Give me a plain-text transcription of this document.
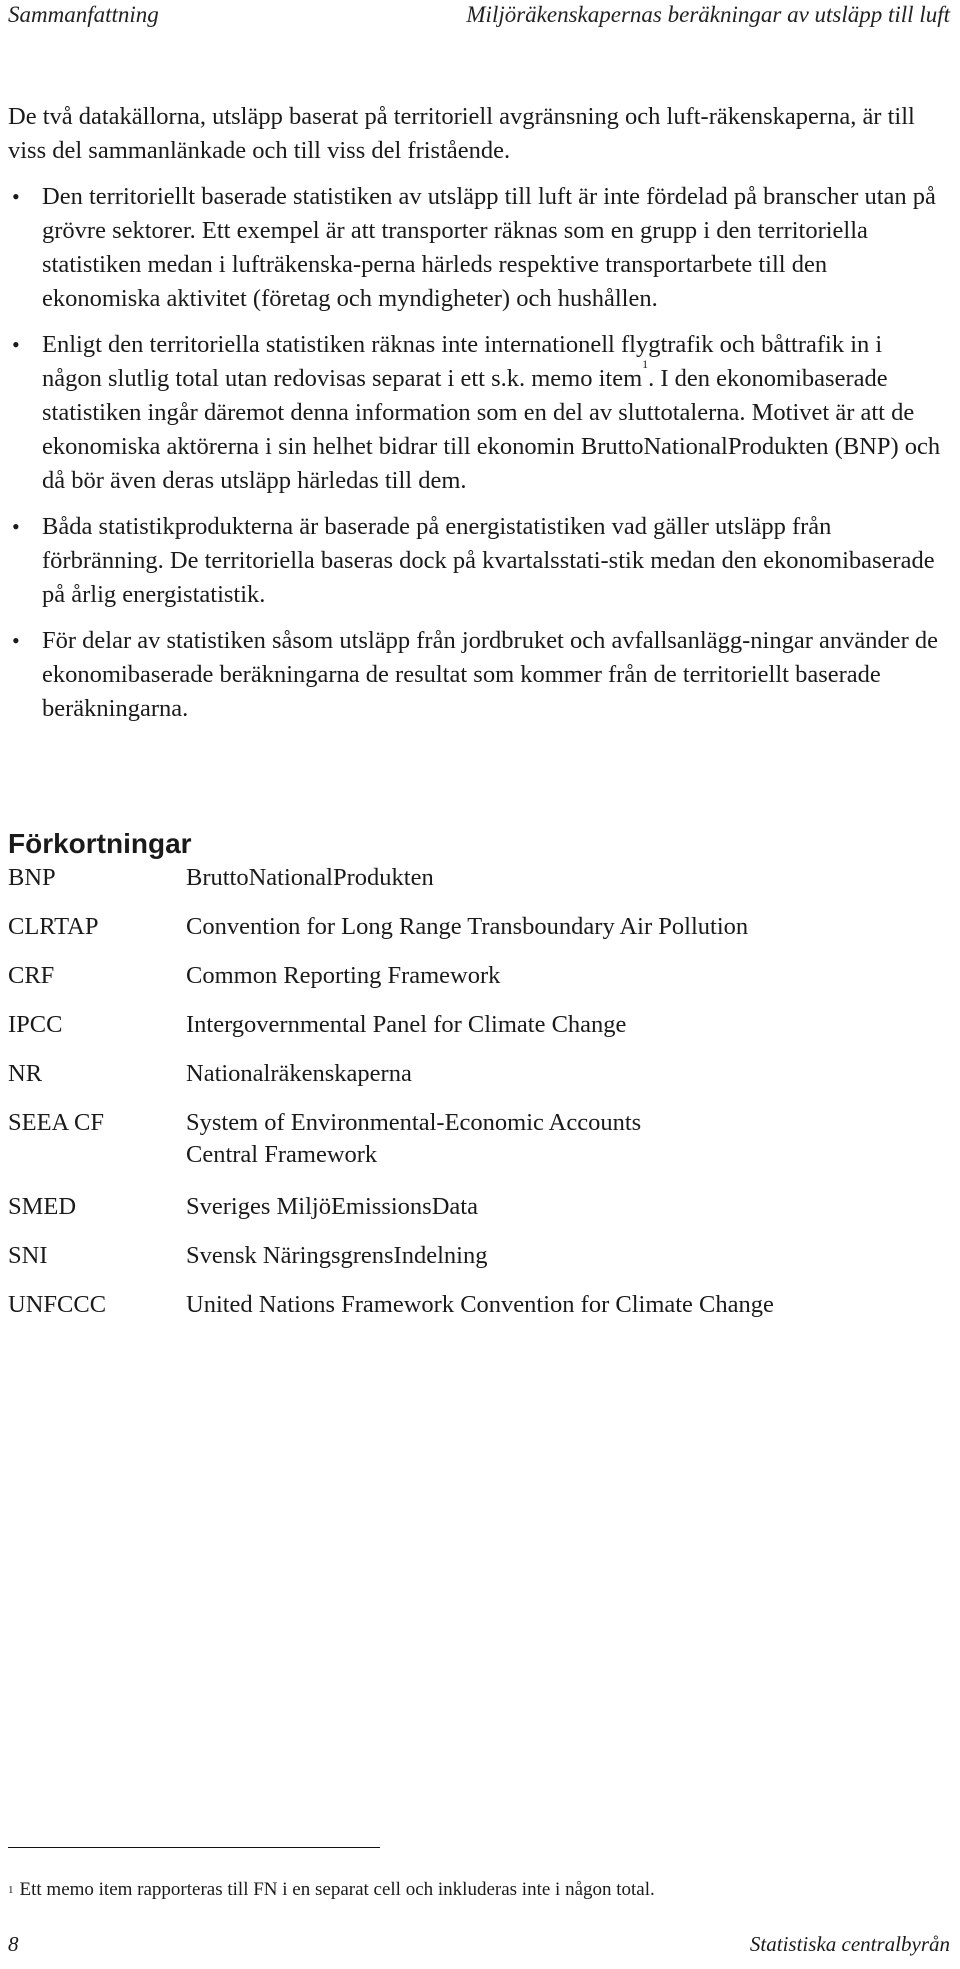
Sammanfattning	Miljöräkenskapernas beräkningar av utsläpp till luft

De två datakällorna, utsläpp baserat på territoriell avgränsning och luft-räkenskaperna, är till viss del sammanlänkade och till viss del fristående.

• Den territoriellt baserade statistiken av utsläpp till luft är inte fördelad på branscher utan på grövre sektorer. Ett exempel är att transporter räknas som en grupp i den territoriella statistiken medan i lufträkenska-perna härleds respektive transportarbete till den ekonomiska aktivitet (företag och myndigheter) och hushållen.
• Enligt den territoriella statistiken räknas inte internationell flygtrafik och båttrafik in i någon slutlig total utan redovisas separat i ett s.k. memo item$^1$. I den ekonomibaserade statistiken ingår däremot denna information som en del av sluttotalerna. Motivet är att de ekonomiska aktörerna i sin helhet bidrar till ekonomin BruttoNationalProdukten (BNP) och då bör även deras utsläpp härledas till dem.
• Båda statistikprodukterna är baserade på energistatistiken vad gäller utsläpp från förbränning. De territoriella baseras dock på kvartalsstati-stik medan den ekonomibaserade på årlig energistatistik.
• För delar av statistiken såsom utsläpp från jordbruket och avfallsanlägg-ningar använder de ekonomibaserade beräkningarna de resultat som kommer från de territoriellt baserade beräkningarna.
Förkortningar
BNP	BruttoNationalProdukten
CLRTAP	Convention for Long Range Transboundary Air Pollution
CRF	Common Reporting Framework
IPCC	Intergovernmental Panel for Climate Change
NR	Nationalräkenskaperna
SEEA CF	System of Environmental-Economic Accounts Central Framework
SMED	Sveriges MiljöEmissionsData
SNI	Svensk NäringsgrensIndelning
UNFCCC	United Nations Framework Convention for Climate Change
$^1$ Ett memo item rapporteras till FN i en separat cell och inkluderas inte i någon total.
8	Statistiska centralbyrån
